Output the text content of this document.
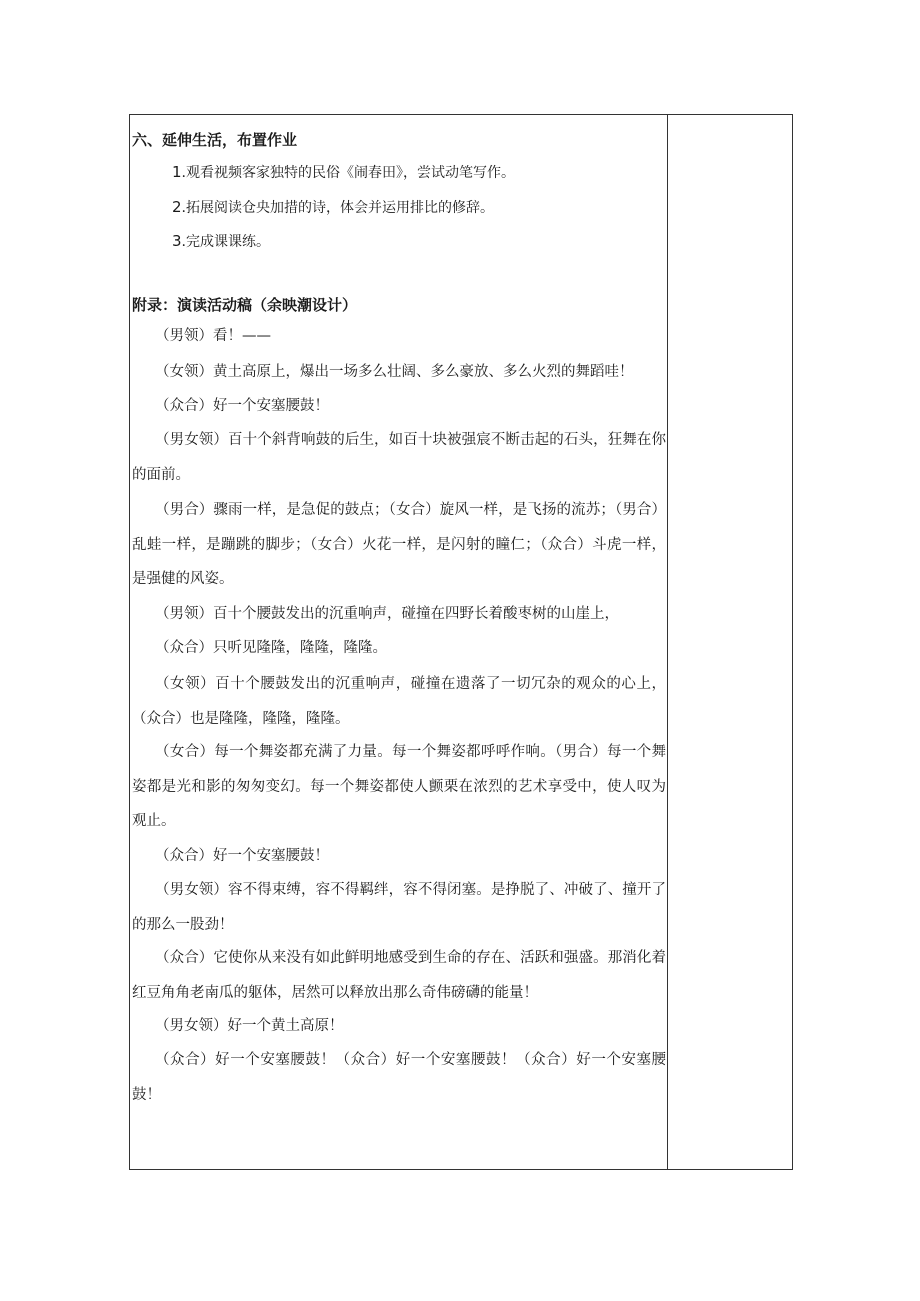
六、延伸生活，布置作业
1.观看视频客家独特的民俗《闹春田》，尝试动笔写作。
2.拓展阅读仓央加措的诗，体会并运用排比的修辞。
3.完成课课练。
附录：演读活动稿（余映潮设计）
（男领）看！——
（女领）黄土高原上，爆出一场多么壮阔、多么豪放、多么火烈的舞蹈哇！
（众合）好一个安塞腰鼓！
（男女领）百十个斜背响鼓的后生，如百十块被强宸不断击起的石头，狂舞在你的面前。
（男合）骤雨一样，是急促的鼓点；（女合）旋风一样，是飞扬的流苏；（男合）乱蛙一样，是蹦跳的脚步；（女合）火花一样，是闪射的瞳仁；（众合）斗虎一样，是强健的风姿。
（男领）百十个腰鼓发出的沉重响声，碰撞在四野长着酸枣树的山崖上，
（众合）只听见隆隆，隆隆，隆隆。
（女领）百十个腰鼓发出的沉重响声，碰撞在遗落了一切冗杂的观众的心上，（众合）也是隆隆，隆隆，隆隆。
（女合）每一个舞姿都充满了力量。每一个舞姿都呼呼作响。（男合）每一个舞姿都是光和影的匆匆变幻。每一个舞姿都使人颤栗在浓烈的艺术享受中，使人叹为观止。
（众合）好一个安塞腰鼓！
（男女领）容不得束缚，容不得羁绊，容不得闭塞。是挣脱了、冲破了、撞开了的那么一股劲！
（众合）它使你从来没有如此鲜明地感受到生命的存在、活跃和强盛。那消化着红豆角角老南瓜的躯体，居然可以释放出那么奇伟磅礴的能量！
（男女领）好一个黄土高原！
（众合）好一个安塞腰鼓！（众合）好一个安塞腰鼓！（众合）好一个安塞腰鼓！
